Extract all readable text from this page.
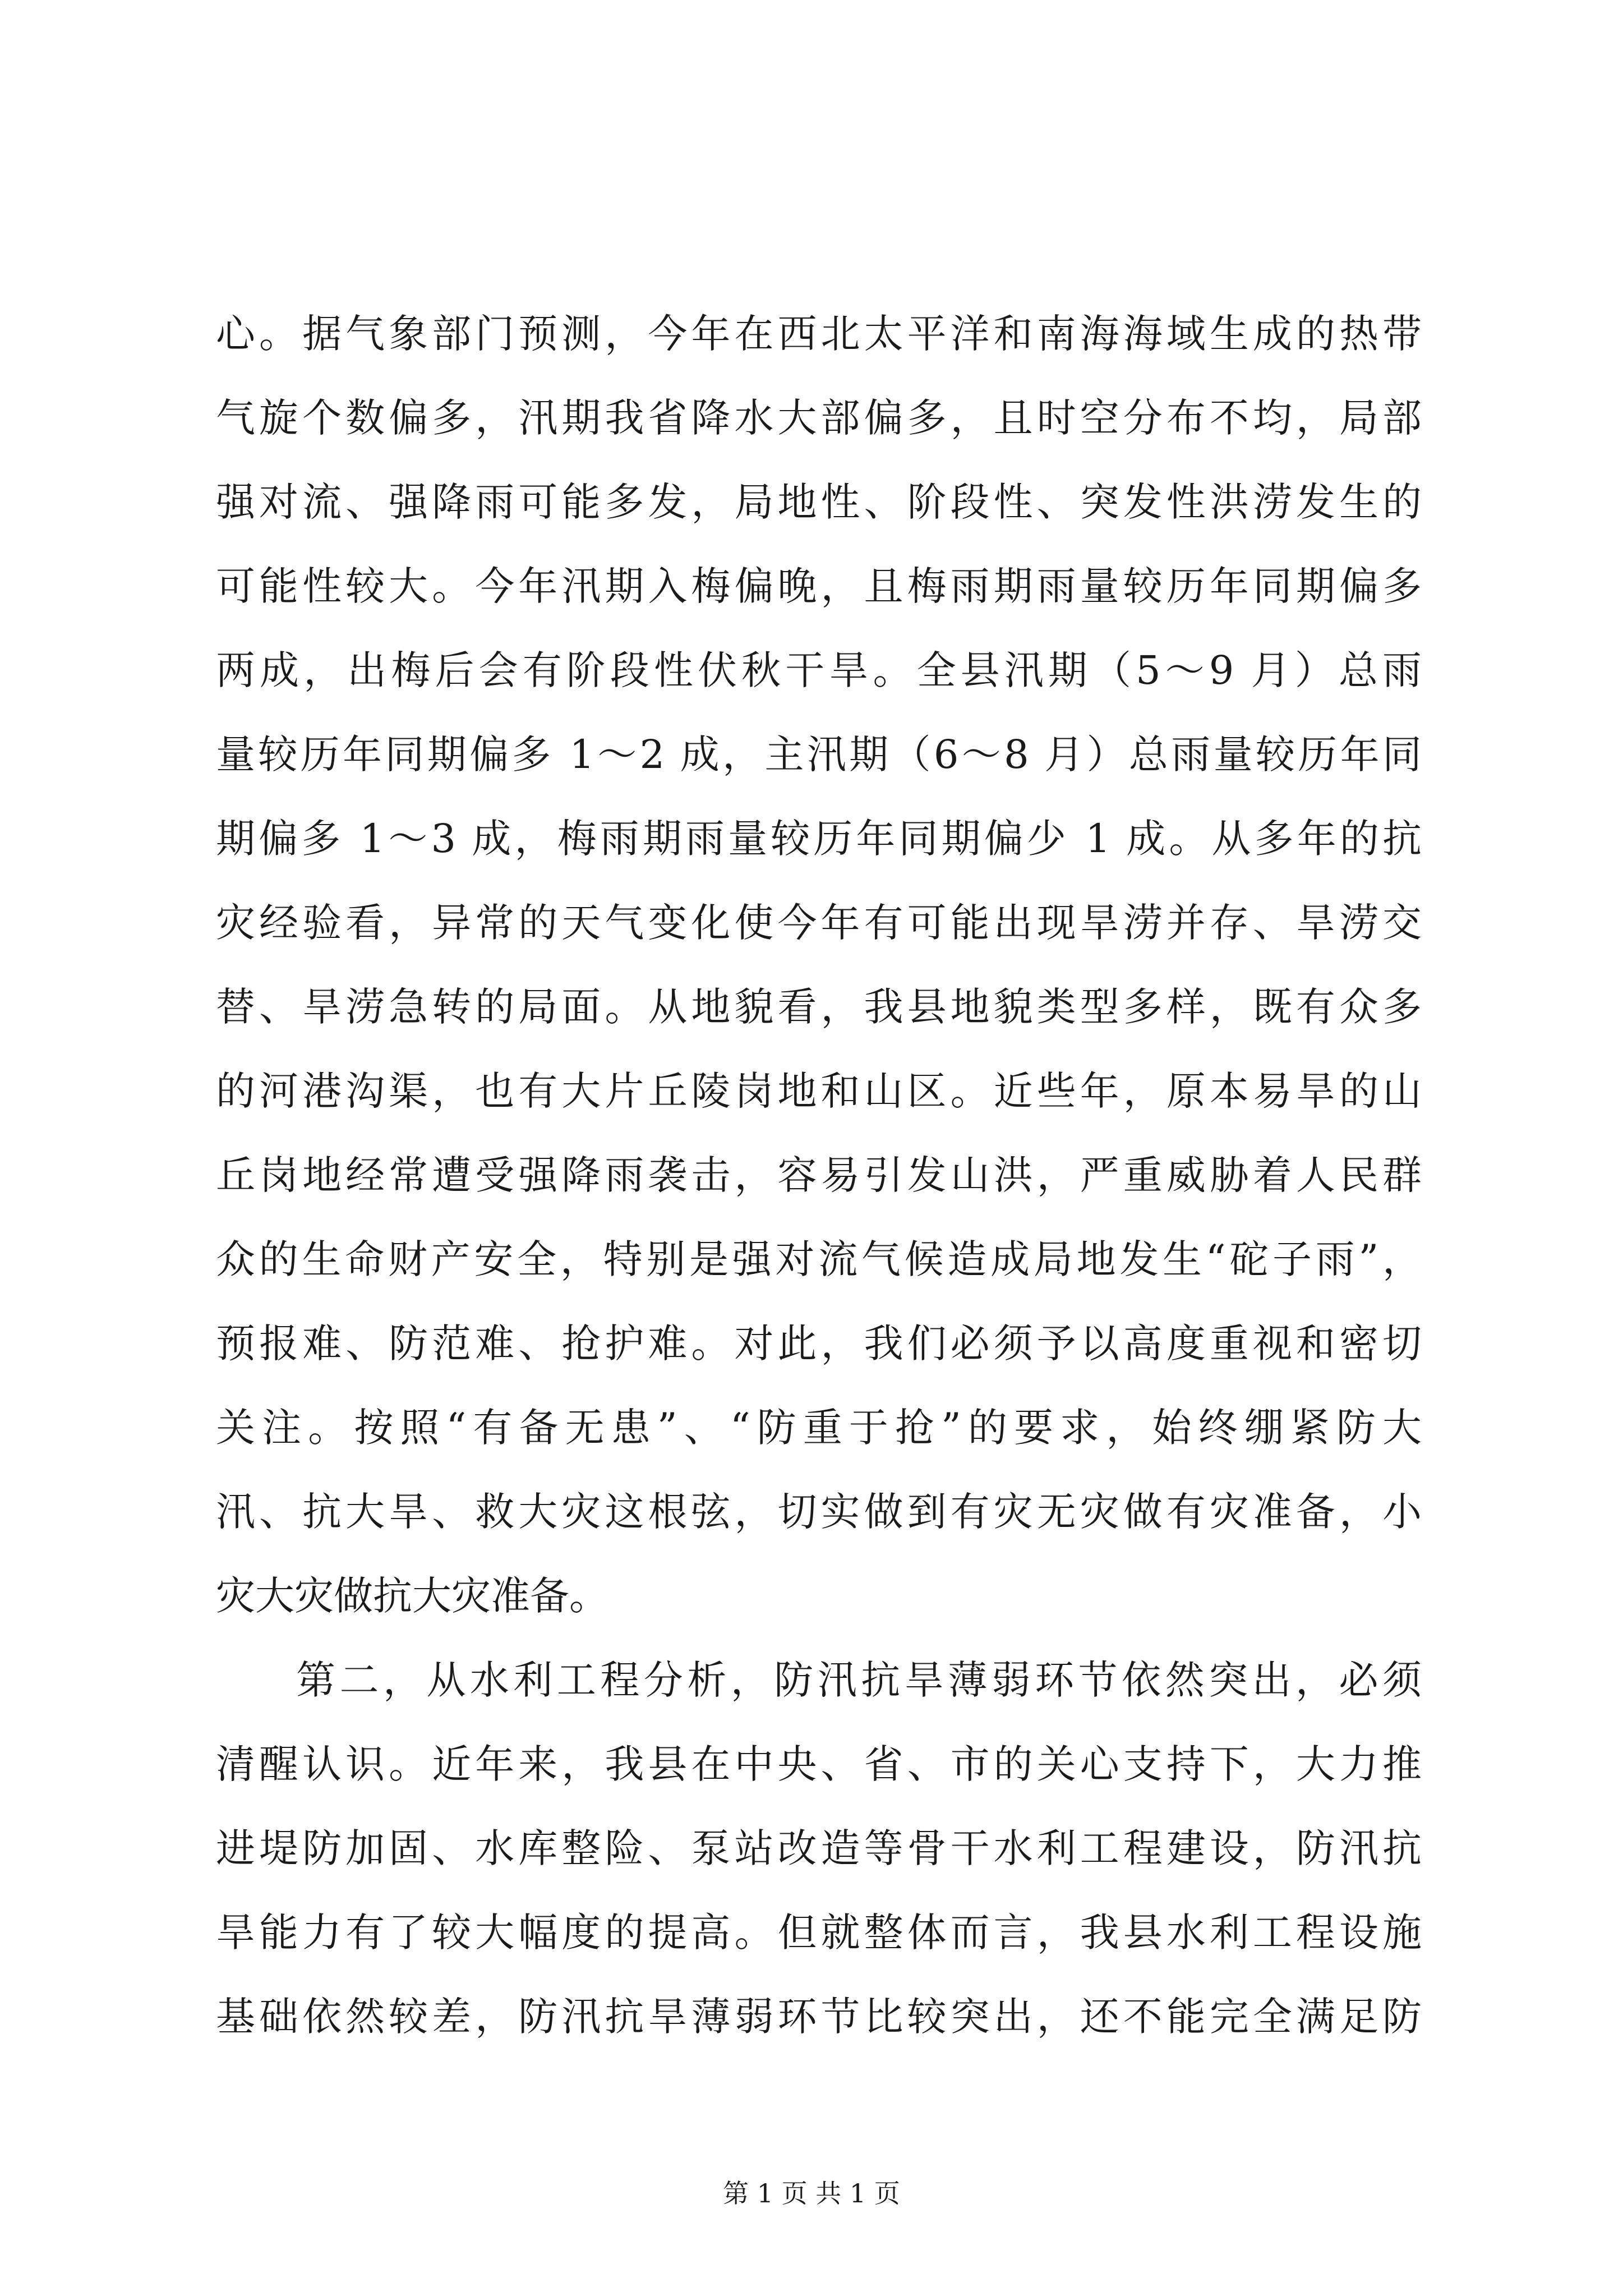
心。据气象部门预测，今年在西北太平洋和南海海域生成的热带
气旋个数偏多，汛期我省降水大部偏多，且时空分布不均，局部
强对流、强降雨可能多发，局地性、阶段性、突发性洪涝发生的
可能性较大。今年汛期入梅偏晚，且梅雨期雨量较历年同期偏多
两成，出梅后会有阶段性伏秋干旱。全县汛期（5～9 月）总雨
量较历年同期偏多 1～2 成，主汛期（6～8 月）总雨量较历年同
期偏多 1～3 成，梅雨期雨量较历年同期偏少 1 成。从多年的抗
灾经验看，异常的天气变化使今年有可能出现旱涝并存、旱涝交
替、旱涝急转的局面。从地貌看，我县地貌类型多样，既有众多
的河港沟渠，也有大片丘陵岗地和山区。近些年，原本易旱的山
丘岗地经常遭受强降雨袭击，容易引发山洪，严重威胁着人民群
众的生命财产安全，特别是强对流气候造成局地发生“砣子雨”，
预报难、防范难、抢护难。对此，我们必须予以高度重视和密切
关注。按照“有备无患”、“防重于抢”的要求，始终绷紧防大
汛、抗大旱、救大灾这根弦，切实做到有灾无灾做有灾准备，小
灾大灾做抗大灾准备。
第二，从水利工程分析，防汛抗旱薄弱环节依然突出，必须
清醒认识。近年来，我县在中央、省、市的关心支持下，大力推
进堤防加固、水库整险、泵站改造等骨干水利工程建设，防汛抗
旱能力有了较大幅度的提高。但就整体而言，我县水利工程设施
基础依然较差，防汛抗旱薄弱环节比较突出，还不能完全满足防
第 1 页 共 1 页
